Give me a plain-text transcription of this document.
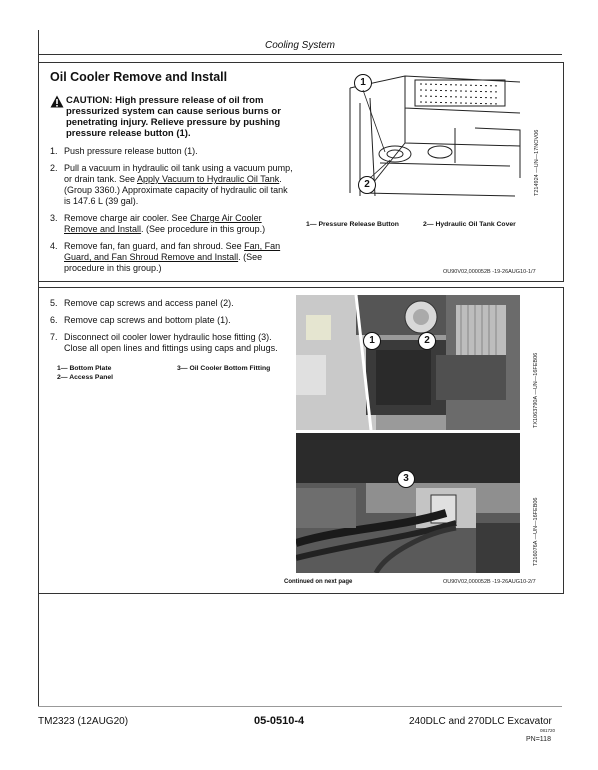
Cooling System
Oil Cooler Remove and Install
CAUTION: High pressure release of oil from pressurized system can cause serious burns or penetrating injury. Relieve pressure by pushing pressure release button (1).
1. Push pressure release button (1).
2. Pull a vacuum in hydraulic oil tank using a vacuum pump, or drain tank. See Apply Vacuum to Hydraulic Oil Tank. (Group 3360.) Approximate capacity of hydraulic oil tank is 147.6 L (39 gal).
3. Remove charge air cooler. See Charge Air Cooler Remove and Install. (See procedure in this group.)
4. Remove fan, fan guard, and fan shroud. See Fan, Fan Guard, and Fan Shroud Remove and Install. (See procedure in this group.)
1
2	T214924 —UN—17NOV06
1— Pressure Release Button	2— Hydraulic Oil Tank Cover
OU90V02,000052B -19-26AUG10-1/7
5. Remove cap screws and access panel (2).
6. Remove cap screws and bottom plate (1).
7. Disconnect oil cooler lower hydraulic hose fitting (3). Close all open lines and fittings using caps and plugs.
1— Bottom Plate
2— Access Panel
3— Oil Cooler Bottom Fitting
1	2
TX1063790A —UN—16FEB06
3
T216076A —UN—16FEB06
Continued on next page	OU90V02,000052B -19-26AUG10-2/7
TM2323 (12AUG20)	05-0510-4	240DLC and 270DLC Excavator
081720
PN=118
